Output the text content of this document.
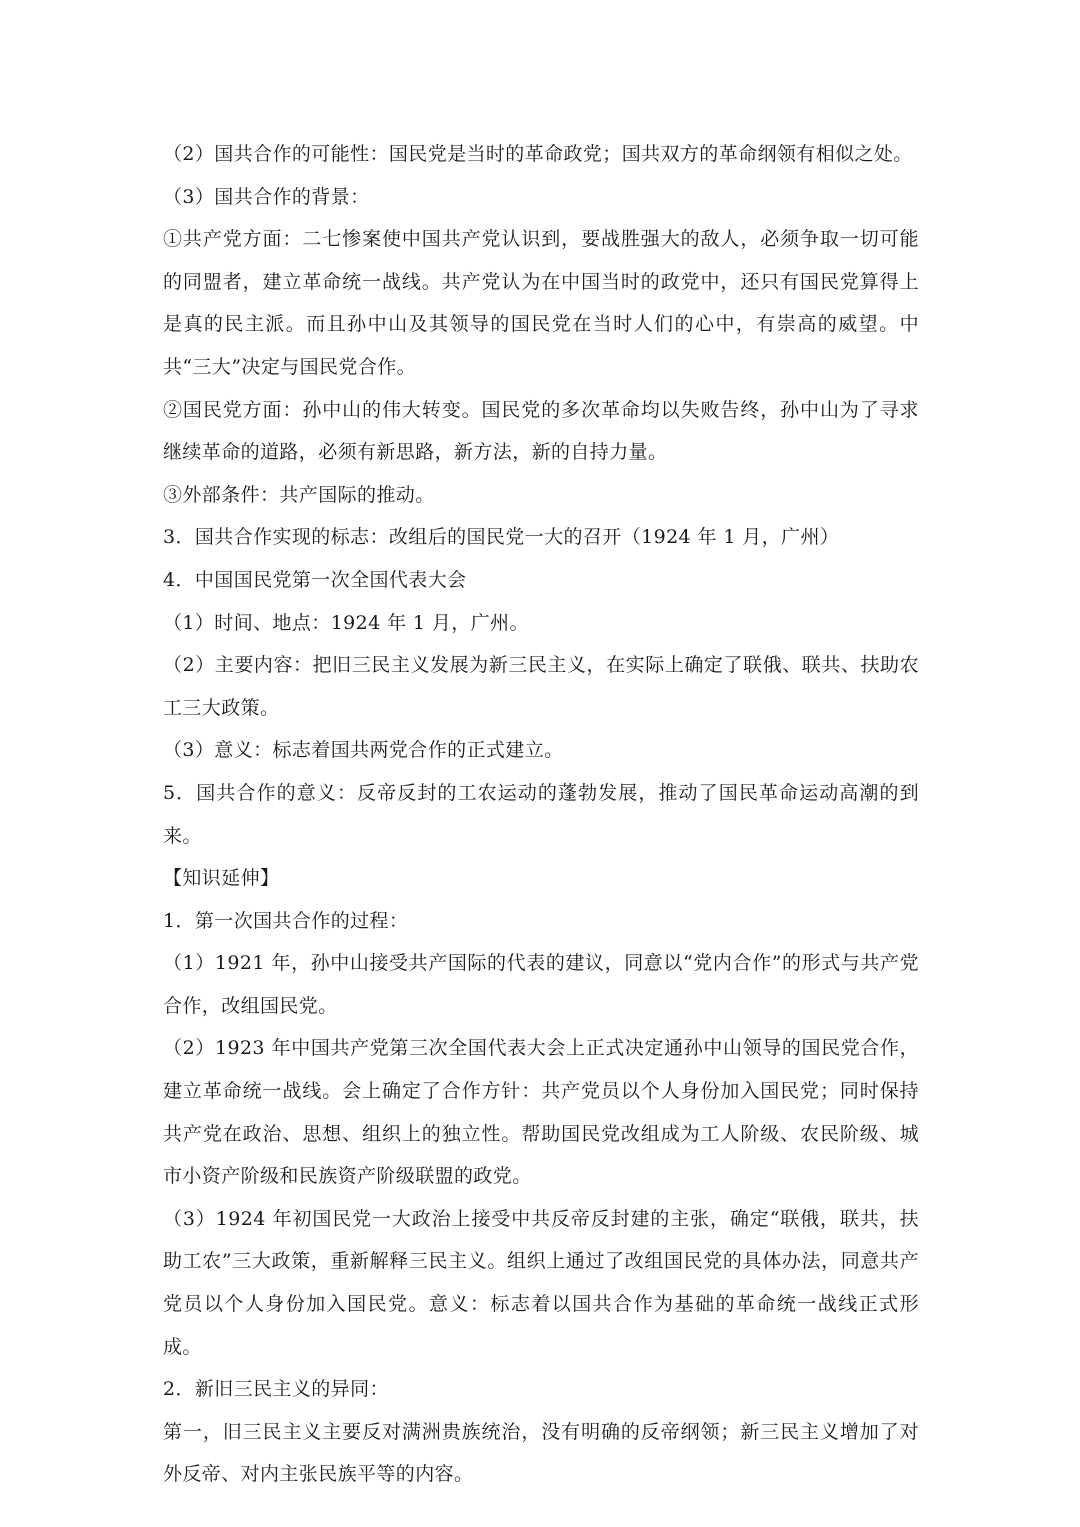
（2）国共合作的可能性：国民党是当时的革命政党；国共双方的革命纲领有相似之处。

（3）国共合作的背景：

①共产党方面：二七惨案使中国共产党认识到，要战胜强大的敌人，必须争取一切可能的同盟者，建立革命统一战线。共产党认为在中国当时的政党中，还只有国民党算得上是真的民主派。而且孙中山及其领导的国民党在当时人们的心中，有崇高的威望。中共“三大”决定与国民党合作。

②国民党方面：孙中山的伟大转变。国民党的多次革命均以失败告终，孙中山为了寻求继续革命的道路，必须有新思路，新方法，新的自持力量。

③外部条件：共产国际的推动。

3．国共合作实现的标志：改组后的国民党一大的召开（1924 年 1 月，广州）

4．中国国民党第一次全国代表大会

（1）时间、地点：1924 年 1 月，广州。

（2）主要内容：把旧三民主义发展为新三民主义，在实际上确定了联俄、联共、扶助农工三大政策。

（3）意义：标志着国共两党合作的正式建立。

5．国共合作的意义：反帝反封的工农运动的蓬勃发展，推动了国民革命运动高潮的到来。

【知识延伸】

1．第一次国共合作的过程：

（1）1921 年，孙中山接受共产国际的代表的建议，同意以“党内合作”的形式与共产党合作，改组国民党。

（2）1923 年中国共产党第三次全国代表大会上正式决定通孙中山领导的国民党合作，建立革命统一战线。会上确定了合作方针：共产党员以个人身份加入国民党；同时保持共产党在政治、思想、组织上的独立性。帮助国民党改组成为工人阶级、农民阶级、城市小资产阶级和民族资产阶级联盟的政党。

（3）1924 年初国民党一大政治上接受中共反帝反封建的主张，确定“联俄，联共，扶助工农”三大政策，重新解释三民主义。组织上通过了改组国民党的具体办法，同意共产党员以个人身份加入国民党。意义：标志着以国共合作为基础的革命统一战线正式形成。

2．新旧三民主义的异同：

第一，旧三民主义主要反对满洲贵族统治，没有明确的反帝纲领；新三民主义增加了对外反帝、对内主张民族平等的内容。
